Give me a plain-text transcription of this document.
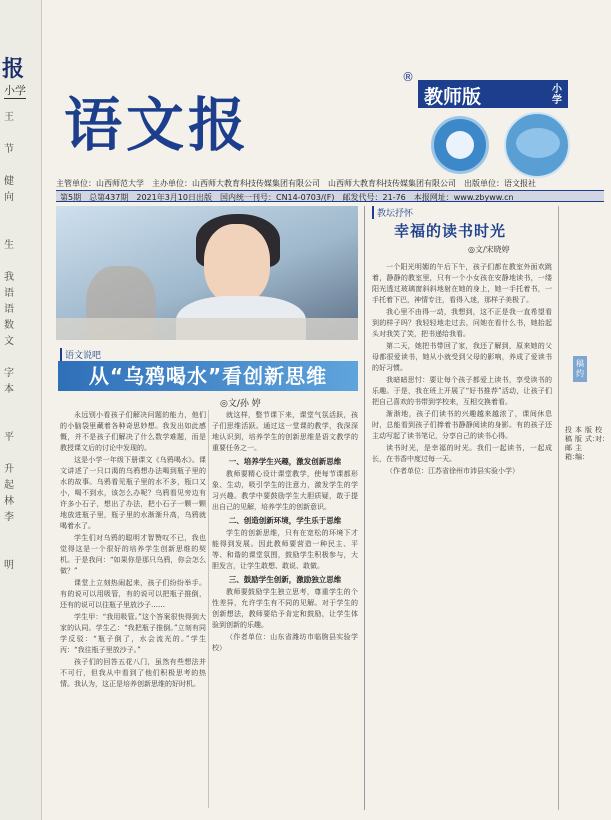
报
小学
王

节

健
向

生

我
语
语
数
文

字
本

平

升
起
林
李

明

语文报
®
教师版	小学
主管单位：山西师范大学　主办单位：山西师大教育科技传媒集团有限公司　山西师大教育科技传媒集团有限公司　出版单位：语文报社
第5期　总第437期　2021年3月10日出版　国内统一刊号：CN14-0703/(F)　邮发代号：21-76　本报网址：www.zbyww.cn
语文说吧
从“乌鸦喝水”看创新思维
◎文/孙 婷

永远别小看孩子们解决问题的能力，他们的小脑袋里藏着各种奇思妙想。我发出如此感慨，并不是孩子们解决了什么数学难题，而是教授课文后的讨论中发现的。

这是小学一年级下册课文《乌鸦喝水》。课文讲述了一只口渴的乌鸦想办法喝到瓶子里的水的故事。乌鸦看见瓶子里的水不多，瓶口又小，喝不到水，该怎么办呢？乌鸦看见旁边有许多小石子，想出了办法，把小石子一颗一颗地放进瓶子里，瓶子里的水渐渐升高，乌鸦就喝着水了。

学生们对乌鸦的聪明才智赞叹不已，我也觉得这是一个很好的培养学生创新思维的契机。于是我问：“如果你是那只乌鸦，你会怎么做？”

课堂上立刻热闹起来，孩子们纷纷举手。有的说可以用吸管，有的说可以把瓶子推倒，还有的说可以往瓶子里放沙子……

学生甲：“我用吸管。”这个答案很快得到大家的认同。学生乙：“我把瓶子推倒。”立刻有同学反驳：“瓶子倒了，水会流光的。”学生丙：“我往瓶子里放沙子。”

孩子们的回答五花八门，虽然有些想法并不可行，但我从中看到了他们积极思考的热情。我认为，这正是培养创新思维的好时机。

就这样，整节课下来，课堂气氛活跃，孩子们思维活跃。通过这一堂课的教学，我深深地认识到，培养学生的创新思维是语文教学的重要任务之一。

一、培养学生兴趣，激发创新思维

教师要精心设计课堂教学，使每节课都形象、生动，吸引学生的注意力，激发学生的学习兴趣。教学中要鼓励学生大胆质疑，敢于提出自己的见解，培养学生的创新意识。

二、创造创新环境，学生乐于思维

学生的创新思维，只有在宽松的环境下才能得到发展。因此教师要营造一种民主、平等、和谐的课堂氛围，鼓励学生积极参与，大胆发言，让学生敢想、敢说、敢做。

三、鼓励学生创新，激励独立思维

教师要鼓励学生独立思考，尊重学生的个性差异，允许学生有不同的见解。对于学生的创新想法，教师要给予肯定和鼓励，让学生体验到创新的乐趣。

（作者单位：山东省潍坊市临朐县实验学校）

教坛抒怀
幸福的读书时光
◎文/宋晓婷

一个阳光明媚的午后下午，孩子们都在教室外面欢跳着，静静的教室里，只有一个小女孩在安静地读书，一缕阳光透过玻璃窗斜斜地射在她的身上，她一手托着书，一手托着下巴，神情专注，看得入迷，那样子美极了。

我心里不由得一动，我想到，这不正是我一直希望看到的样子吗？我轻轻地走过去，问她在看什么书，她抬起头对我笑了笑，把书递给我看。

第二天，她把书带回了家，我还了解到，原来她的父母都很爱读书，她从小就受到父母的影响，养成了爱读书的好习惯。

我暗暗思忖：要让每个孩子都爱上读书，享受读书的乐趣。于是，我在班上开展了“好书推荐”活动，让孩子们把自己喜欢的书带到学校来，互相交换着看。

渐渐地，孩子们读书的兴趣越来越浓了，课间休息时，总能看到孩子们捧着书静静阅读的身影。有的孩子还主动写起了读书笔记，分享自己的读书心得。

读书时光，是幸福的时光。我们一起读书，一起成长，在书香中度过每一天。

（作者单位：江苏省徐州市沛县实验小学）

稿约
投稿邮箱：
本版主编：
版式：
校对：
